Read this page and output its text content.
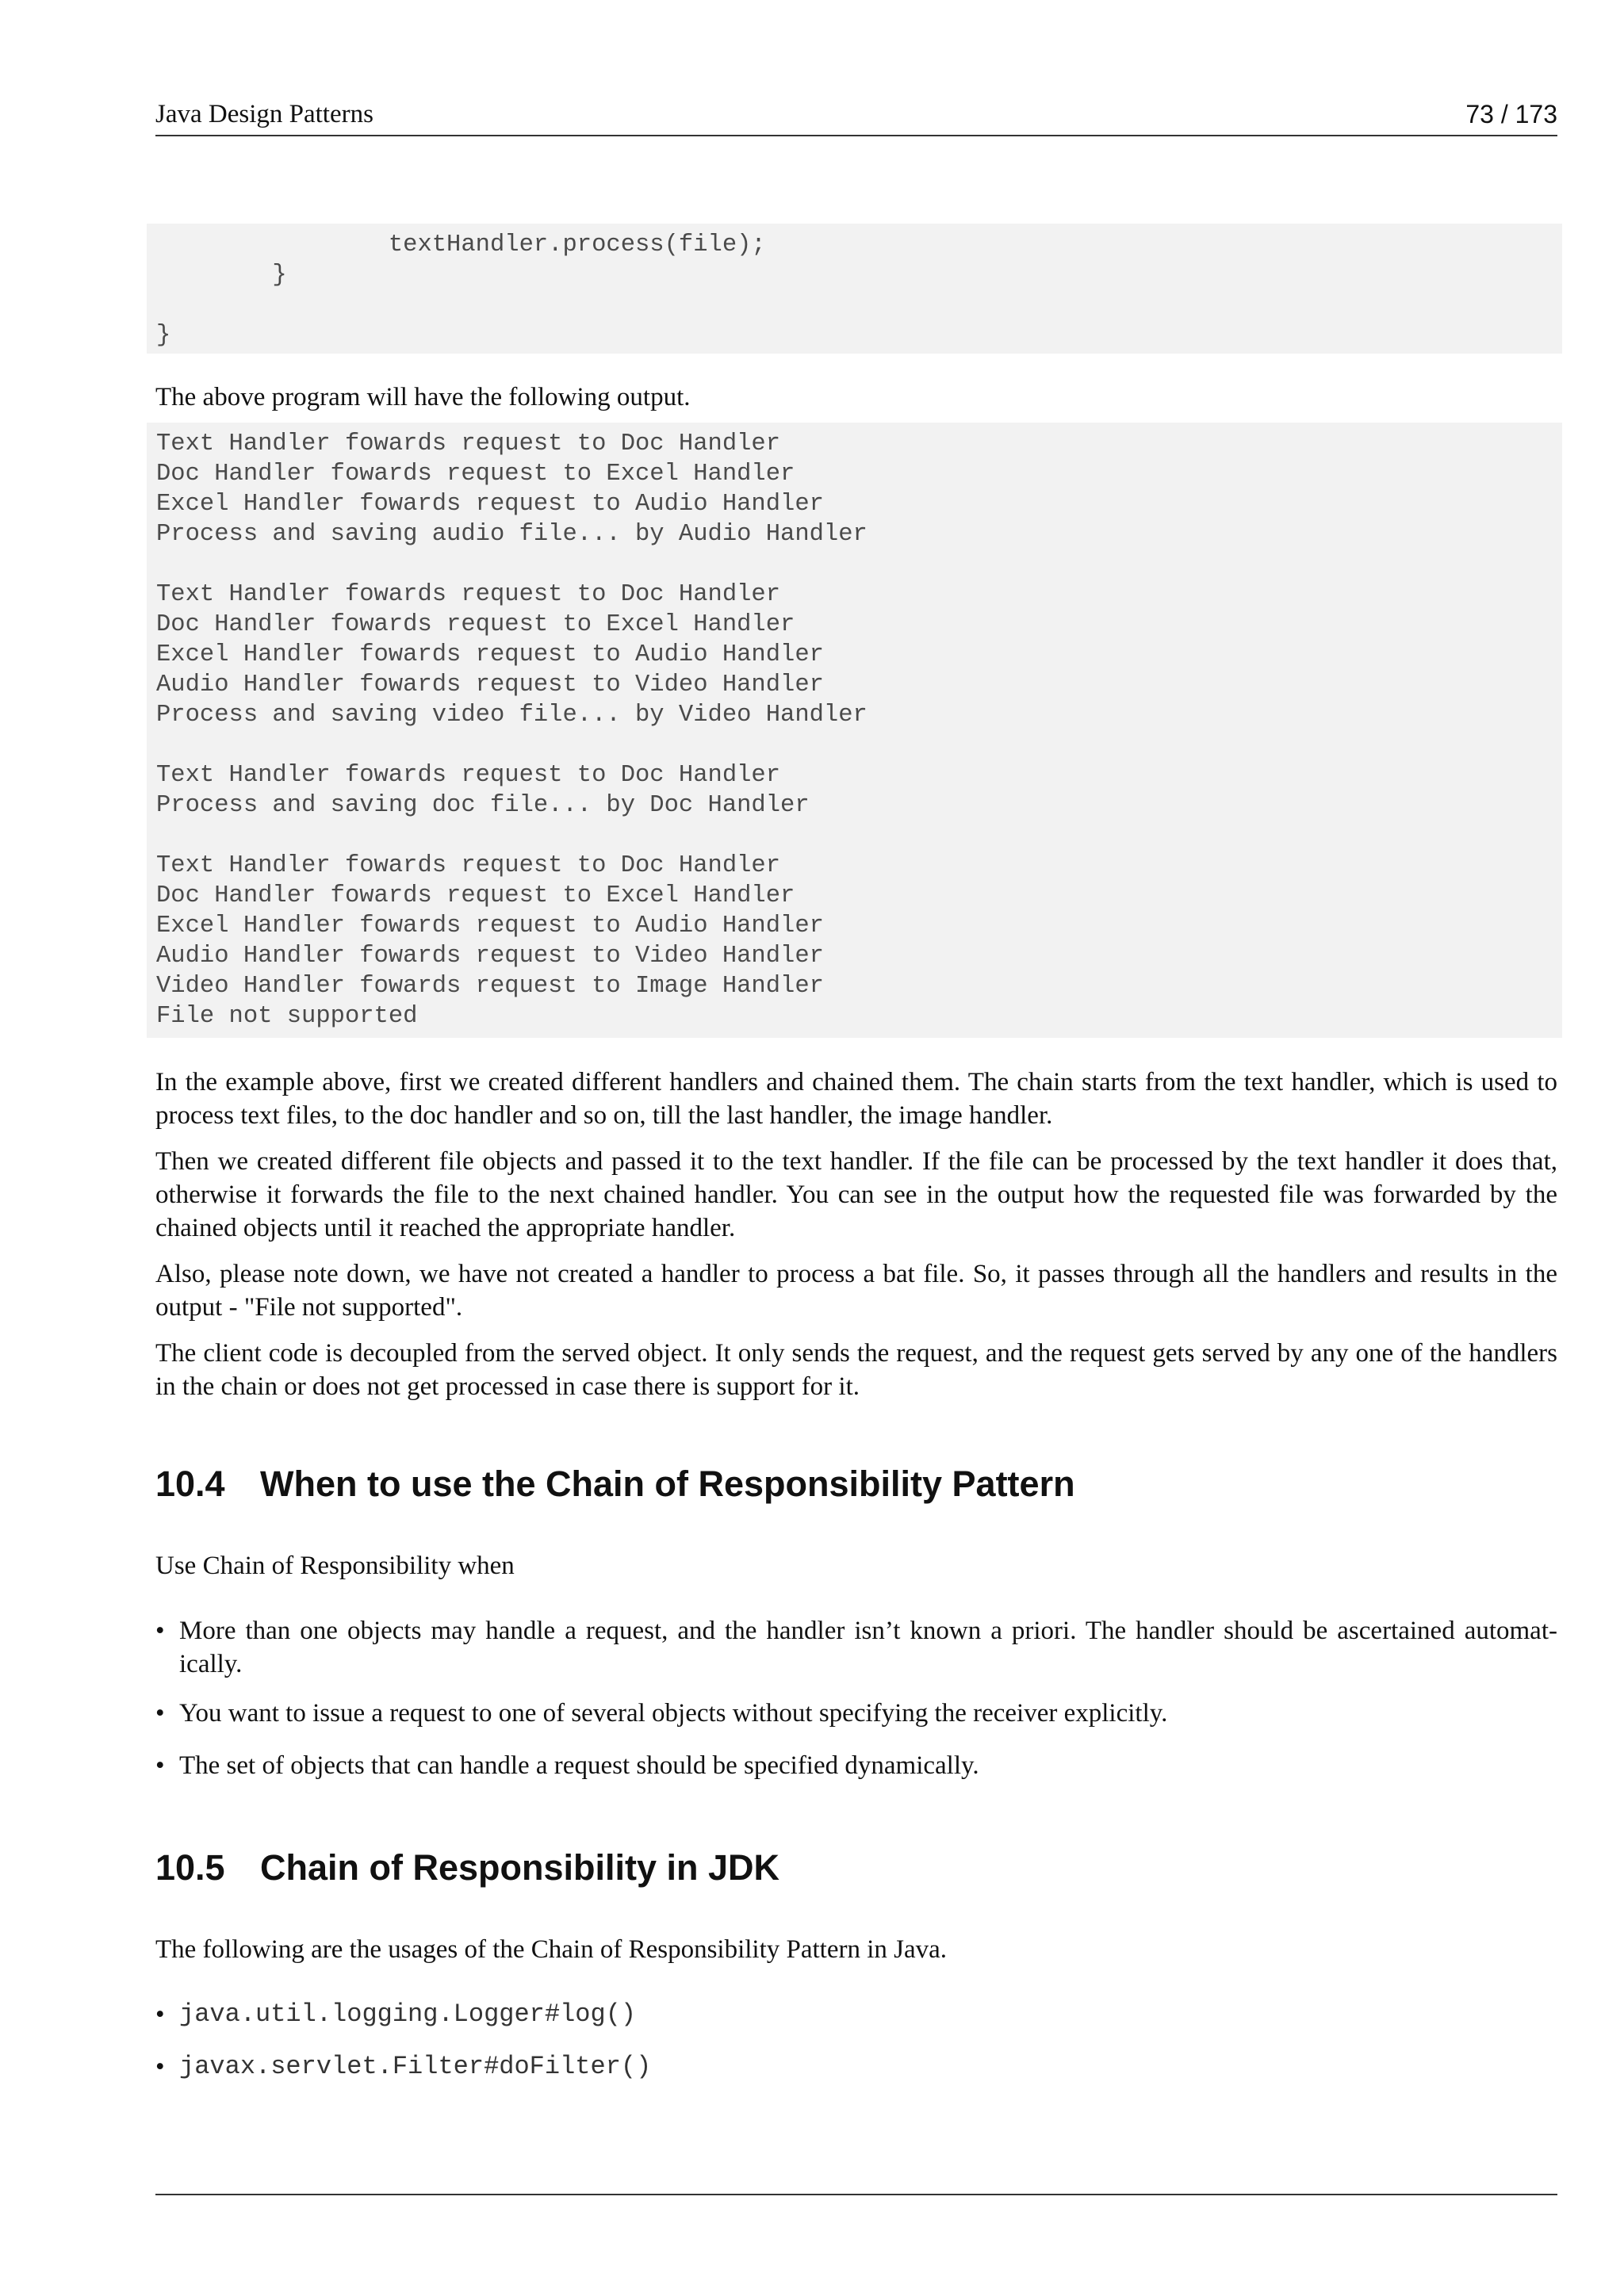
Java Design Patterns	73 / 173
textHandler.process(file);
}

}

The above program will have the following output.

Text Handler fowards request to Doc Handler
Doc Handler fowards request to Excel Handler
Excel Handler fowards request to Audio Handler
Process and saving audio file... by Audio Handler

Text Handler fowards request to Doc Handler
Doc Handler fowards request to Excel Handler
Excel Handler fowards request to Audio Handler
Audio Handler fowards request to Video Handler
Process and saving video file... by Video Handler

Text Handler fowards request to Doc Handler
Process and saving doc file... by Doc Handler

Text Handler fowards request to Doc Handler
Doc Handler fowards request to Excel Handler
Excel Handler fowards request to Audio Handler
Audio Handler fowards request to Video Handler
Video Handler fowards request to Image Handler
File not supported

In the example above, first we created different handlers and chained them. The chain starts from the text handler, which is used to process text files, to the doc handler and so on, till the last handler, the image handler.

Then we created different file objects and passed it to the text handler. If the file can be processed by the text handler it does that, otherwise it forwards the file to the next chained handler. You can see in the output how the requested file was forwarded by the chained objects until it reached the appropriate handler.

Also, please note down, we have not created a handler to process a bat file. So, it passes through all the handlers and results in the output - "File not supported".

The client code is decoupled from the served object. It only sends the request, and the request gets served by any one of the handlers in the chain or does not get processed in case there is support for it.

10.4 When to use the Chain of Responsibility Pattern

Use Chain of Responsibility when

• More than one objects may handle a request, and the handler isn’t known a priori. The handler should be ascertained automat-ically.
• You want to issue a request to one of several objects without specifying the receiver explicitly.
• The set of objects that can handle a request should be specified dynamically.
10.5 Chain of Responsibility in JDK

The following are the usages of the Chain of Responsibility Pattern in Java.

• java.util.logging.Logger#log()
• javax.servlet.Filter#doFilter()
